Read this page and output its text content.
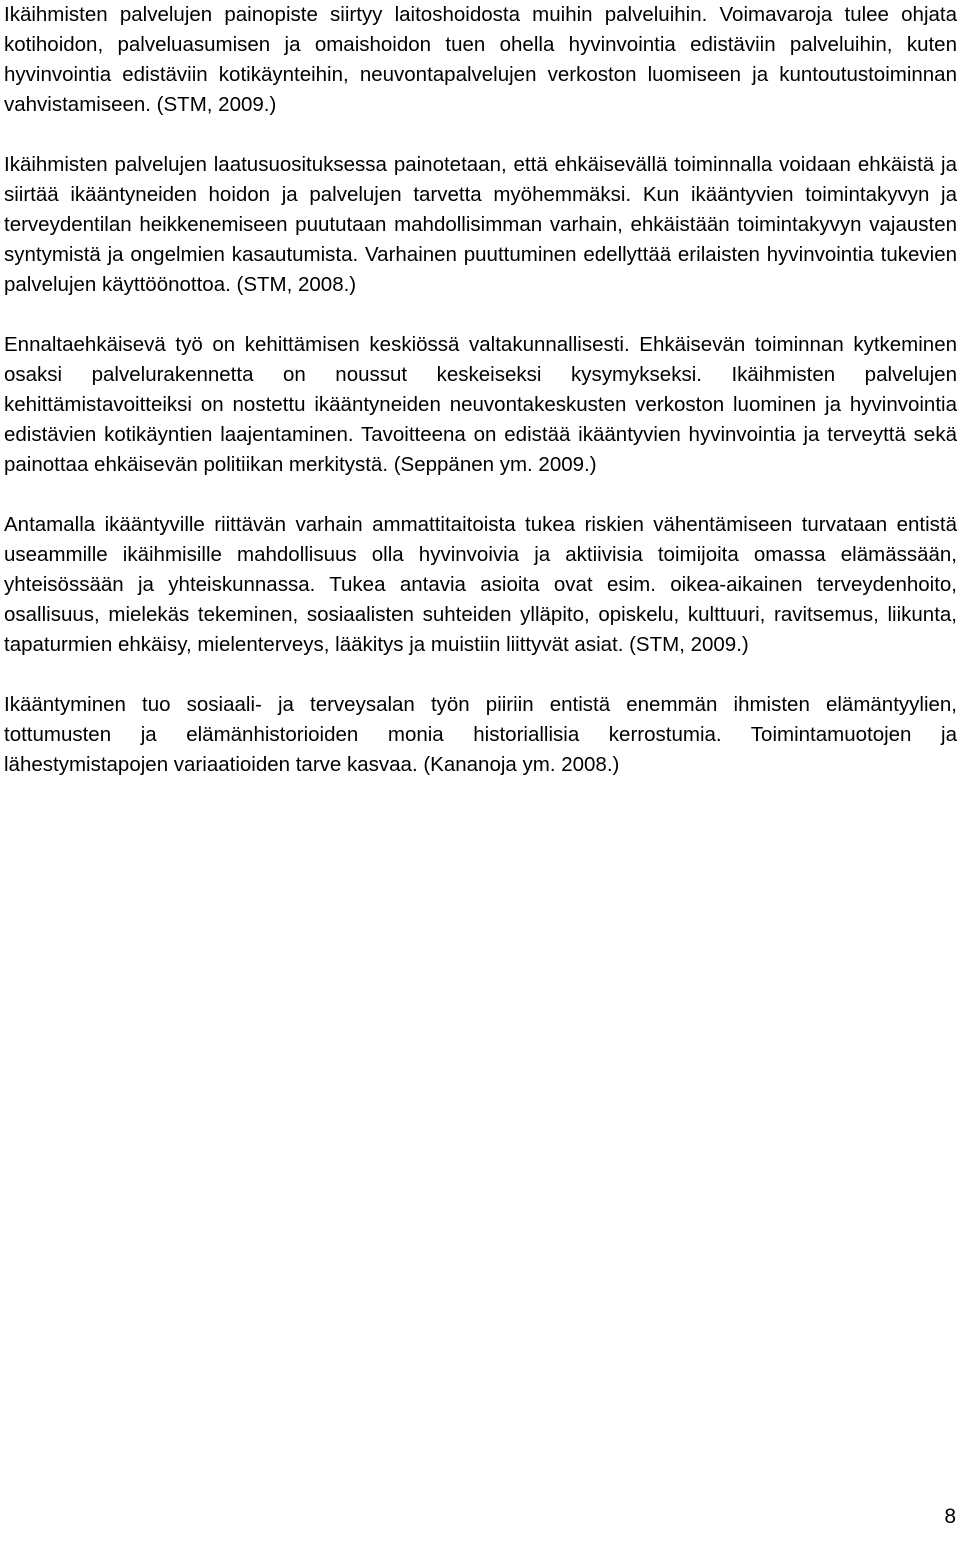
Ikäihmisten palvelujen painopiste siirtyy laitoshoidosta muihin palveluihin. Voimavaroja tulee ohjata kotihoidon, palveluasumisen ja omaishoidon tuen ohella hyvinvointia edistäviin palveluihin, kuten hyvinvointia edistäviin kotikäynteihin, neuvontapalvelujen verkoston luomiseen ja kuntoutustoiminnan vahvistamiseen. (STM, 2009.)

Ikäihmisten palvelujen laatusuosituksessa painotetaan, että ehkäisevällä toiminnalla voidaan ehkäistä ja siirtää ikääntyneiden hoidon ja palvelujen tarvetta myöhemmäksi. Kun ikääntyvien toimintakyvyn ja terveydentilan heikkenemiseen puututaan mahdollisimman varhain, ehkäistään toimintakyvyn vajausten syntymistä ja ongelmien kasautumista. Varhainen puuttuminen edellyttää erilaisten hyvinvointia tukevien palvelujen käyttöönottoa. (STM, 2008.)

Ennaltaehkäisevä työ on kehittämisen keskiössä valtakunnallisesti. Ehkäisevän toiminnan kytkeminen osaksi palvelurakennetta on noussut keskeiseksi kysymykseksi. Ikäihmisten palvelujen kehittämistavoitteiksi on nostettu ikääntyneiden neuvontakeskusten verkoston luominen ja hyvinvointia edistävien kotikäyntien laajentaminen. Tavoitteena on edistää ikääntyvien hyvinvointia ja terveyttä sekä painottaa ehkäisevän politiikan merkitystä. (Seppänen ym. 2009.)

Antamalla ikääntyville riittävän varhain ammattitaitoista tukea riskien vähentämiseen turvataan entistä useammille ikäihmisille mahdollisuus olla hyvinvoivia ja aktiivisia toimijoita omassa elämässään, yhteisössään ja yhteiskunnassa. Tukea antavia asioita ovat esim. oikea-aikainen terveydenhoito, osallisuus, mielekäs tekeminen, sosiaalisten suhteiden ylläpito, opiskelu, kulttuuri, ravitsemus, liikunta, tapaturmien ehkäisy, mielenterveys, lääkitys ja muistiin liittyvät asiat. (STM, 2009.)

Ikääntyminen tuo sosiaali- ja terveysalan työn piiriin entistä enemmän ihmisten elämäntyylien, tottumusten ja elämänhistorioiden monia historiallisia kerrostumia. Toimintamuotojen ja lähestymistapojen variaatioiden tarve kasvaa. (Kananoja ym. 2008.)

8
